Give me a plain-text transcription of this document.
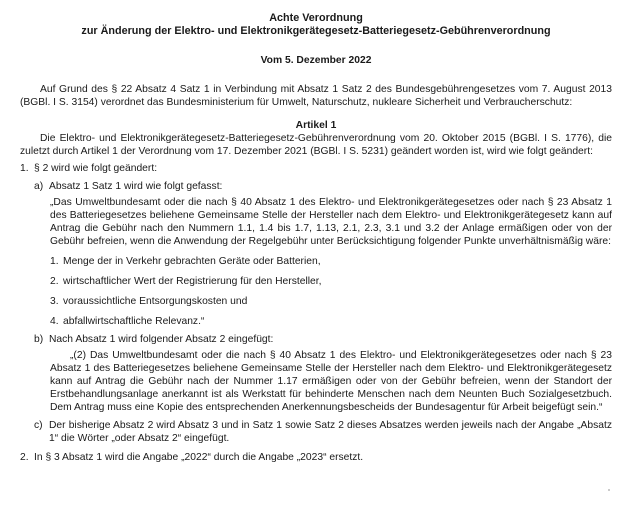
Achte Verordnung
zur Änderung der Elektro- und Elektronikgerätegesetz-Batteriegesetz-Gebührenverordnung

Vom 5. Dezember 2022
Auf Grund des § 22 Absatz 4 Satz 1 in Verbindung mit Absatz 1 Satz 2 des Bundesgebührengesetzes vom 7. August 2013 (BGBl. I S. 3154) verordnet das Bundesministerium für Umwelt, Naturschutz, nukleare Sicherheit und Verbraucherschutz:
Artikel 1
Die Elektro- und Elektronikgerätegesetz-Batteriegesetz-Gebührenverordnung vom 20. Oktober 2015 (BGBl. I S. 1776), die zuletzt durch Artikel 1 der Verordnung vom 17. Dezember 2021 (BGBl. I S. 5231) geändert worden ist, wird wie folgt geändert:
1. § 2 wird wie folgt geändert:
a) Absatz 1 Satz 1 wird wie folgt gefasst:
„Das Umweltbundesamt oder die nach § 40 Absatz 1 des Elektro- und Elektronikgerätegesetzes oder nach § 23 Absatz 1 des Batteriegesetzes beliehene Gemeinsame Stelle der Hersteller nach dem Elektro- und Elektronikgerätegesetz kann auf Antrag die Gebühr nach den Nummern 1.1, 1.4 bis 1.7, 1.13, 2.1, 2.3, 3.1 und 3.2 der Anlage ermäßigen oder von der Gebühr befreien, wenn die Anwendung der Regelgebühr unter Berücksichtigung folgender Punkte unverhältnismäßig wäre:
1. Menge der in Verkehr gebrachten Geräte oder Batterien,
2. wirtschaftlicher Wert der Registrierung für den Hersteller,
3. voraussichtliche Entsorgungskosten und
4. abfallwirtschaftliche Relevanz.“
b) Nach Absatz 1 wird folgender Absatz 2 eingefügt:
„(2) Das Umweltbundesamt oder die nach § 40 Absatz 1 des Elektro- und Elektronikgerätegesetzes oder nach § 23 Absatz 1 des Batteriegesetzes beliehene Gemeinsame Stelle der Hersteller nach dem Elektro- und Elektronikgerätegesetz kann auf Antrag die Gebühr nach der Nummer 1.17 ermäßigen oder von der Gebühr befreien, wenn der Standort der Erstbehandlungsanlage anerkannt ist als Werkstatt für behinderte Menschen nach dem Neunten Buch Sozialgesetzbuch. Dem Antrag muss eine Kopie des entsprechenden Anerkennungsbescheids der Bundesagentur für Arbeit beigefügt sein.“
c) Der bisherige Absatz 2 wird Absatz 3 und in Satz 1 sowie Satz 2 dieses Absatzes werden jeweils nach der Angabe „Absatz 1“ die Wörter „oder Absatz 2“ eingefügt.
2. In § 3 Absatz 1 wird die Angabe „2022“ durch die Angabe „2023“ ersetzt.
